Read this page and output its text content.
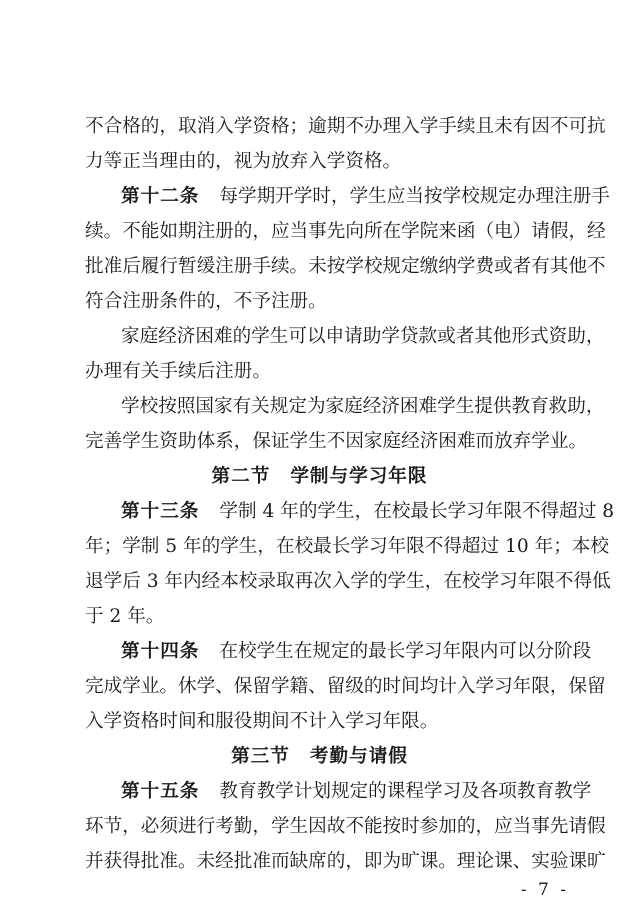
不合格的，取消入学资格；逾期不办理入学手续且未有因不可抗
力等正当理由的，视为放弃入学资格。
第十二条 每学期开学时，学生应当按学校规定办理注册手
续。不能如期注册的，应当事先向所在学院来函（电）请假，经
批准后履行暂缓注册手续。未按学校规定缴纳学费或者有其他不
符合注册条件的，不予注册。
家庭经济困难的学生可以申请助学贷款或者其他形式资助，
办理有关手续后注册。
学校按照国家有关规定为家庭经济困难学生提供教育救助，
完善学生资助体系，保证学生不因家庭经济困难而放弃学业。
第二节 学制与学习年限
第十三条 学制 4 年的学生，在校最长学习年限不得超过 8
年；学制 5 年的学生，在校最长学习年限不得超过 10 年；本校
退学后 3 年内经本校录取再次入学的学生，在校学习年限不得低
于 2 年。
第十四条 在校学生在规定的最长学习年限内可以分阶段
完成学业。休学、保留学籍、留级的时间均计入学习年限，保留
入学资格时间和服役期间不计入学习年限。
第三节 考勤与请假
第十五条 教育教学计划规定的课程学习及各项教育教学
环节，必须进行考勤，学生因故不能按时参加的，应当事先请假
并获得批准。未经批准而缺席的，即为旷课。理论课、实验课旷
- 7 -
